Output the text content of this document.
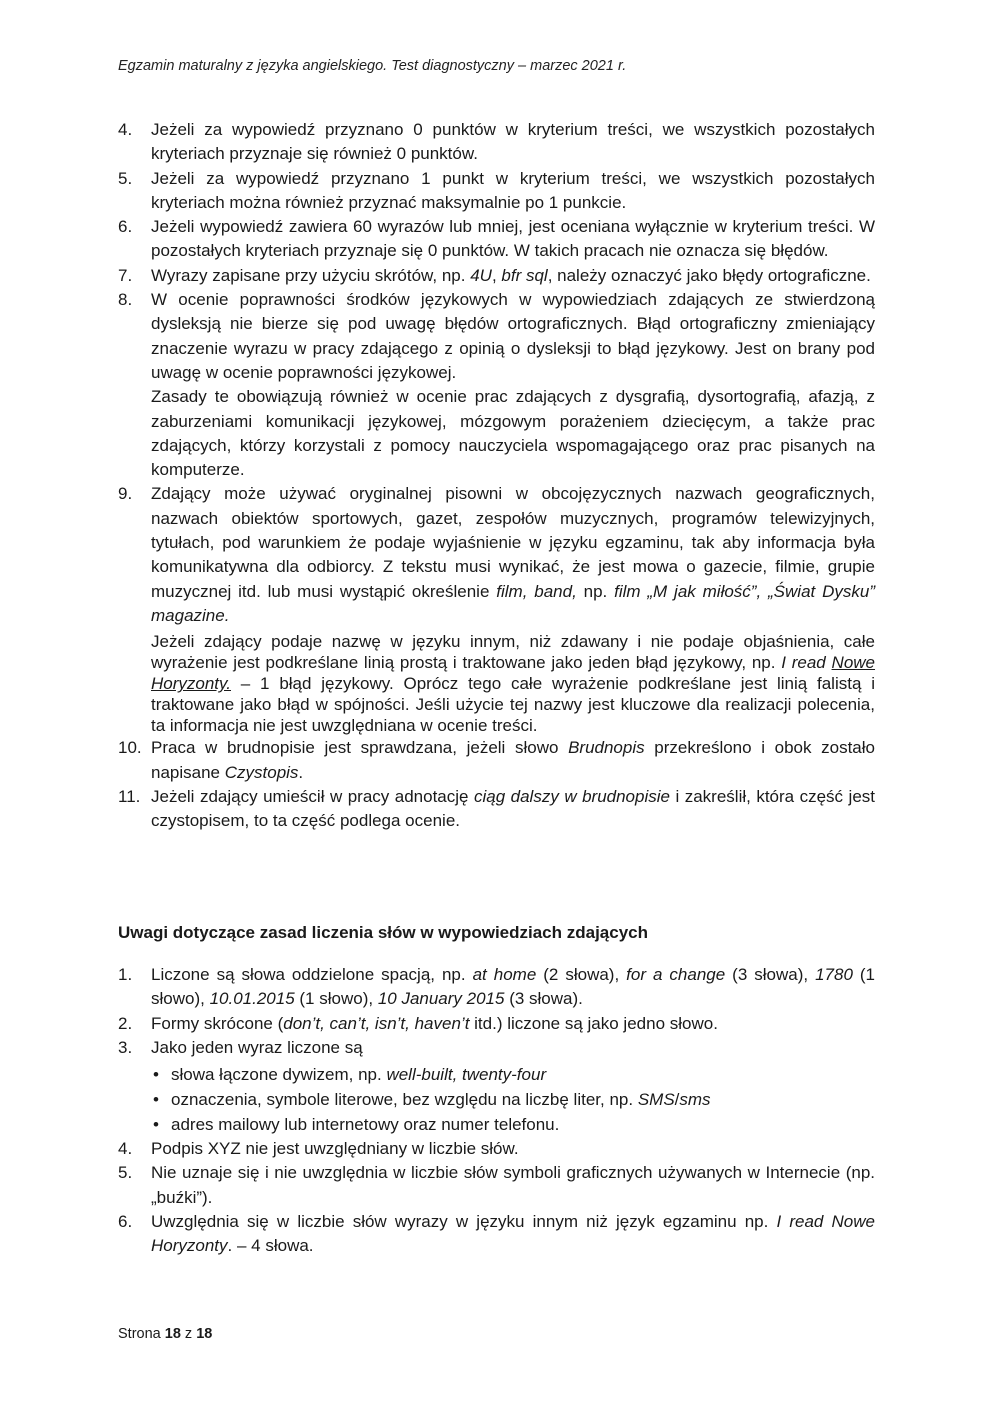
Egzamin maturalny z języka angielskiego. Test diagnostyczny – marzec 2021 r.
4.	Jeżeli za wypowiedź przyznano 0 punktów w kryterium treści, we wszystkich pozostałych kryteriach przyznaje się również 0 punktów.
5.	Jeżeli za wypowiedź przyznano 1 punkt w kryterium treści, we wszystkich pozostałych kryteriach można również przyznać maksymalnie po 1 punkcie.
6.	Jeżeli wypowiedź zawiera 60 wyrazów lub mniej, jest oceniana wyłącznie w kryterium treści. W pozostałych kryteriach przyznaje się 0 punktów. W takich pracach nie oznacza się błędów.
7.	Wyrazy zapisane przy użyciu skrótów, np. 4U, bfr sql, należy oznaczyć jako błędy ortograficzne.
8.	W ocenie poprawności środków językowych w wypowiedziach zdających ze stwierdzoną dysleksją nie bierze się pod uwagę błędów ortograficznych. Błąd ortograficzny zmieniający znaczenie wyrazu w pracy zdającego z opinią o dysleksji to błąd językowy. Jest on brany pod uwagę w ocenie poprawności językowej.
Zasady te obowiązują również w ocenie prac zdających z dysgrafią, dysortografią, afazją, z zaburzeniami komunikacji językowej, mózgowym porażeniem dziecięcym, a także prac zdających, którzy korzystali z pomocy nauczyciela wspomagającego oraz prac pisanych na komputerze.
9.	Zdający może używać oryginalnej pisowni w obcojęzycznych nazwach geograficznych, nazwach obiektów sportowych, gazet, zespołów muzycznych, programów telewizyjnych, tytułach, pod warunkiem że podaje wyjaśnienie w języku egzaminu, tak aby informacja była komunikatywna dla odbiorcy. Z tekstu musi wynikać, że jest mowa o gazecie, filmie, grupie muzycznej itd. lub musi wystąpić określenie film, band, np. film „M jak miłość”, „Świat Dysku” magazine.
Jeżeli zdający podaje nazwę w języku innym, niż zdawany i nie podaje objaśnienia, całe wyrażenie jest podkreślane linią prostą i traktowane jako jeden błąd językowy, np. I read Nowe Horyzonty. – 1 błąd językowy. Oprócz tego całe wyrażenie podkreślane jest linią falistą i traktowane jako błąd w spójności. Jeśli użycie tej nazwy jest kluczowe dla realizacji polecenia, ta informacja nie jest uwzględniana w ocenie treści.
10. Praca w brudnopisie jest sprawdzana, jeżeli słowo Brudnopis przekreślono i obok zostało napisane Czystopis.
11. Jeżeli zdający umieścił w pracy adnotację ciąg dalszy w brudnopisie i zakreślił, która część jest czystopisem, to ta część podlega ocenie.
Uwagi dotyczące zasad liczenia słów w wypowiedziach zdających
1.	Liczone są słowa oddzielone spacją, np. at home (2 słowa), for a change (3 słowa), 1780 (1 słowo), 10.01.2015 (1 słowo), 10 January 2015 (3 słowa).
2.	Formy skrócone (don’t, can’t, isn’t, haven’t itd.) liczone są jako jedno słowo.
3.	Jako jeden wyraz liczone są
• słowa łączone dywizem, np. well-built, twenty-four
• oznaczenia, symbole literowe, bez względu na liczbę liter, np. SMS/sms
• adres mailowy lub internetowy oraz numer telefonu.
4.	Podpis XYZ nie jest uwzględniany w liczbie słów.
5.	Nie uznaje się i nie uwzględnia w liczbie słów symboli graficznych używanych w Internecie (np. „buźki”).
6.	Uwzględnia się w liczbie słów wyrazy w języku innym niż język egzaminu np. I read Nowe Horyzonty. – 4 słowa.
Strona 18 z 18
